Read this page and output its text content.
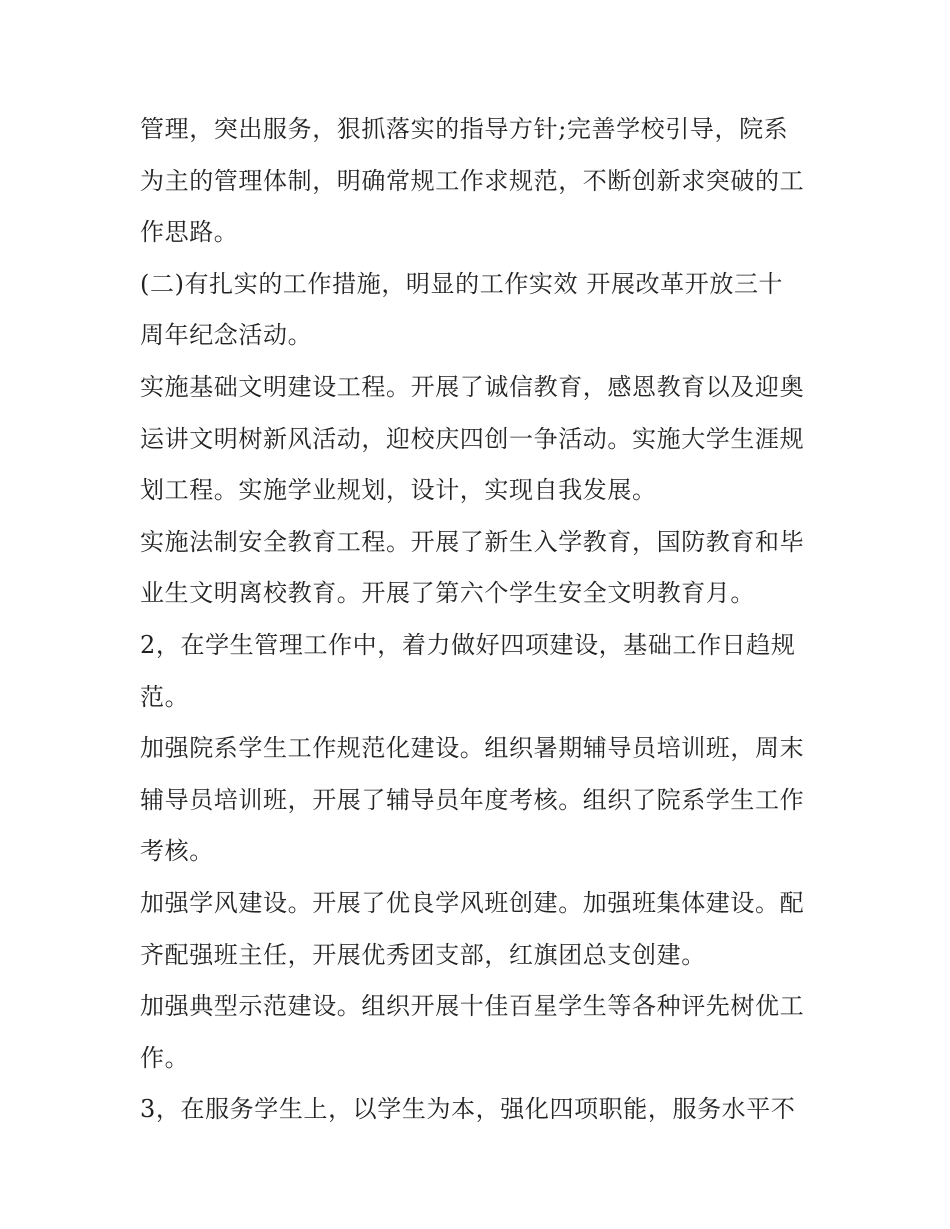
管理，突出服务，狠抓落实的指导方针;完善学校引导，院系
为主的管理体制，明确常规工作求规范，不断创新求突破的工
作思路。
(二)有扎实的工作措施，明显的工作实效 开展改革开放三十
周年纪念活动。
实施基础文明建设工程。开展了诚信教育，感恩教育以及迎奥
运讲文明树新风活动，迎校庆四创一争活动。实施大学生涯规
划工程。实施学业规划，设计，实现自我发展。
实施法制安全教育工程。开展了新生入学教育，国防教育和毕
业生文明离校教育。开展了第六个学生安全文明教育月。
2，在学生管理工作中，着力做好四项建设，基础工作日趋规
范。
加强院系学生工作规范化建设。组织暑期辅导员培训班，周末
辅导员培训班，开展了辅导员年度考核。组织了院系学生工作
考核。
加强学风建设。开展了优良学风班创建。加强班集体建设。配
齐配强班主任，开展优秀团支部，红旗团总支创建。
加强典型示范建设。组织开展十佳百星学生等各种评先树优工
作。
3，在服务学生上，以学生为本，强化四项职能，服务水平不
